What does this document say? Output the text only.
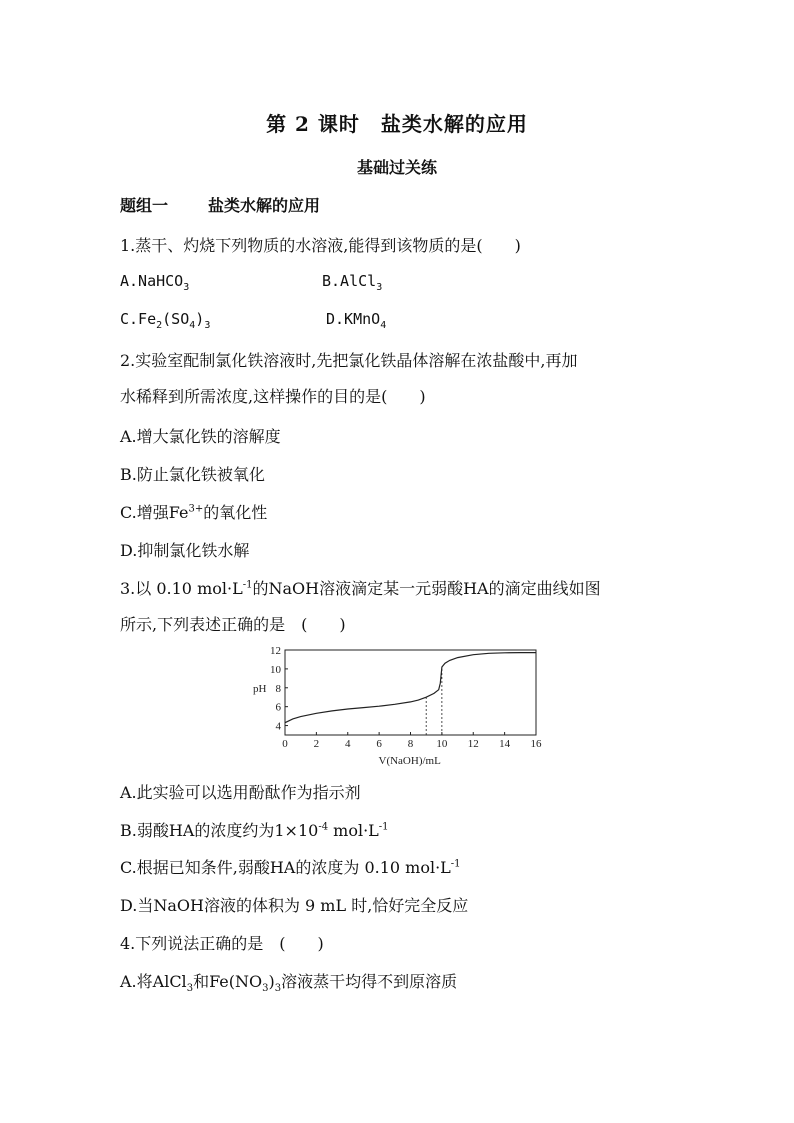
第 2 课时　盐类水解的应用
基础过关练
题组一	盐类水解的应用
1.蒸干、灼烧下列物质的水溶液,能得到该物质的是(　　)
A.NaHCO$_3$	B.AlCl$_3$
$C.Fe_2(SO_4)_3$	D.KMnO$_4$
2.实验室配制氯化铁溶液时,先把氯化铁晶体溶解在浓盐酸中,再加
水稀释到所需浓度,这样操作的目的是(　　)
A.增大氯化铁的溶解度
B.防止氯化铁被氧化
C.增强$Fe^{3+}$的氧化性
D.抑制氯化铁水解
3.以 0.10 $mol\cdot L^{-1}$的NaOH溶液滴定某一元弱酸HA的滴定曲线如图
所示,下列表述正确的是　(　　)
0 2 4 6 8 10 12 14 16
4
6
8
10
12
pH
V(NaOH)/mL
A.此实验可以选用酚酞作为指示剂
B.弱酸HA的浓度约为$1\times 10^{-4}$ $mol\cdot L^{-1}$
C.根据已知条件,弱酸HA的浓度为 0.10 $mol\cdot L^{-1}$
D.当NaOH溶液的体积为 9 mL 时,恰好完全反应
4.下列说法正确的是　(　　)
A.将AlCl$_3$和$Fe(NO_3)_3$溶液蒸干均得不到原溶质
